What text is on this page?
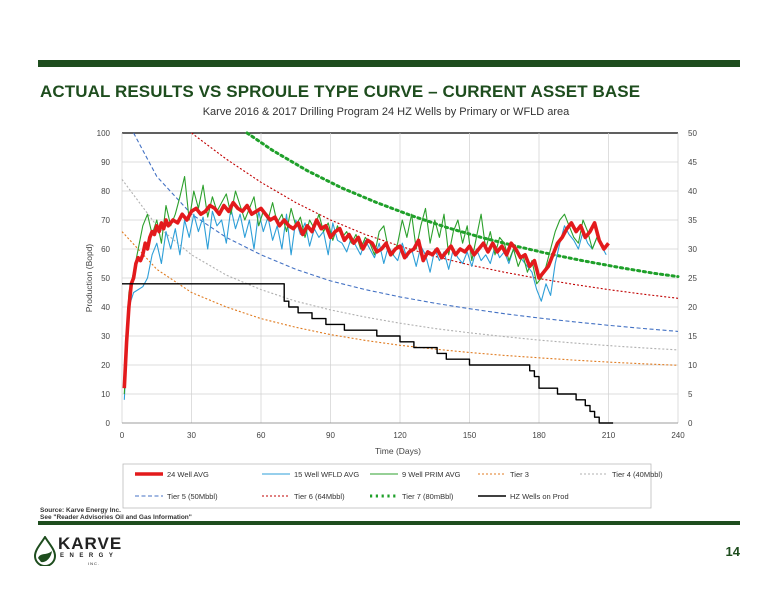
ACTUAL RESULTS VS SPROULE TYPE CURVE – CURRENT ASSET BASE
Karve 2016 & 2017 Drilling Program 24 HZ Wells by Primary or WFLD area
0
10
20
30
40
50
60
70
80
90
100
0
5
10
15
20
25
30
35
40
45
50
0	30	60	90	120	150	180	210	240
Time (Days)
Production (Bopd)
24 Well AVG	15 Well WFLD AVG	9 Well PRIM AVG	Tier 3	Tier 4 (40Mbbl)
Tier 5 (50Mbbl)	Tier 6 (64Mbbl)	Tier 7 (80mBbl)	HZ Wells on Prod
Source: Karve Energy Inc.
See "Reader Advisories Oil and Gas Information"
KARVE
ENERGY
INC.
14
